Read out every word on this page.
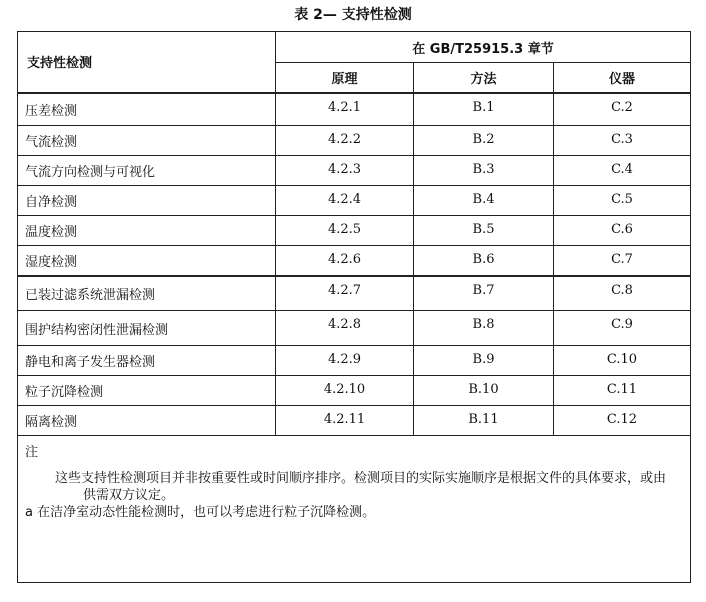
表 2— 支持性检测
支持性检测	在 GB/T25915.3 章节		
	原理	方法	仪器
压差检测	4.2.1	B.1	C.2
气流检测	4.2.2	B.2	C.3
气流方向检测与可视化	4.2.3	B.3	C.4
自净检测	4.2.4	B.4	C.5
温度检测	4.2.5	B.5	C.6
湿度检测	4.2.6	B.6	C.7
已装过滤系统泄漏检测	4.2.7	B.7	C.8
围护结构密闭性泄漏检测	4.2.8	B.8	C.9
静电和离子发生器检测	4.2.9	B.9	C.10
粒子沉降检测	4.2.10	B.10	C.11
隔离检测	4.2.11	B.11	C.12

注
这些支持性检测项目并非按重要性或时间顺序排序。检测项目的实际实施顺序是根据文件的具体要求，或由
供需双方议定。
a 在洁净室动态性能检测时，也可以考虑进行粒子沉降检测。			
